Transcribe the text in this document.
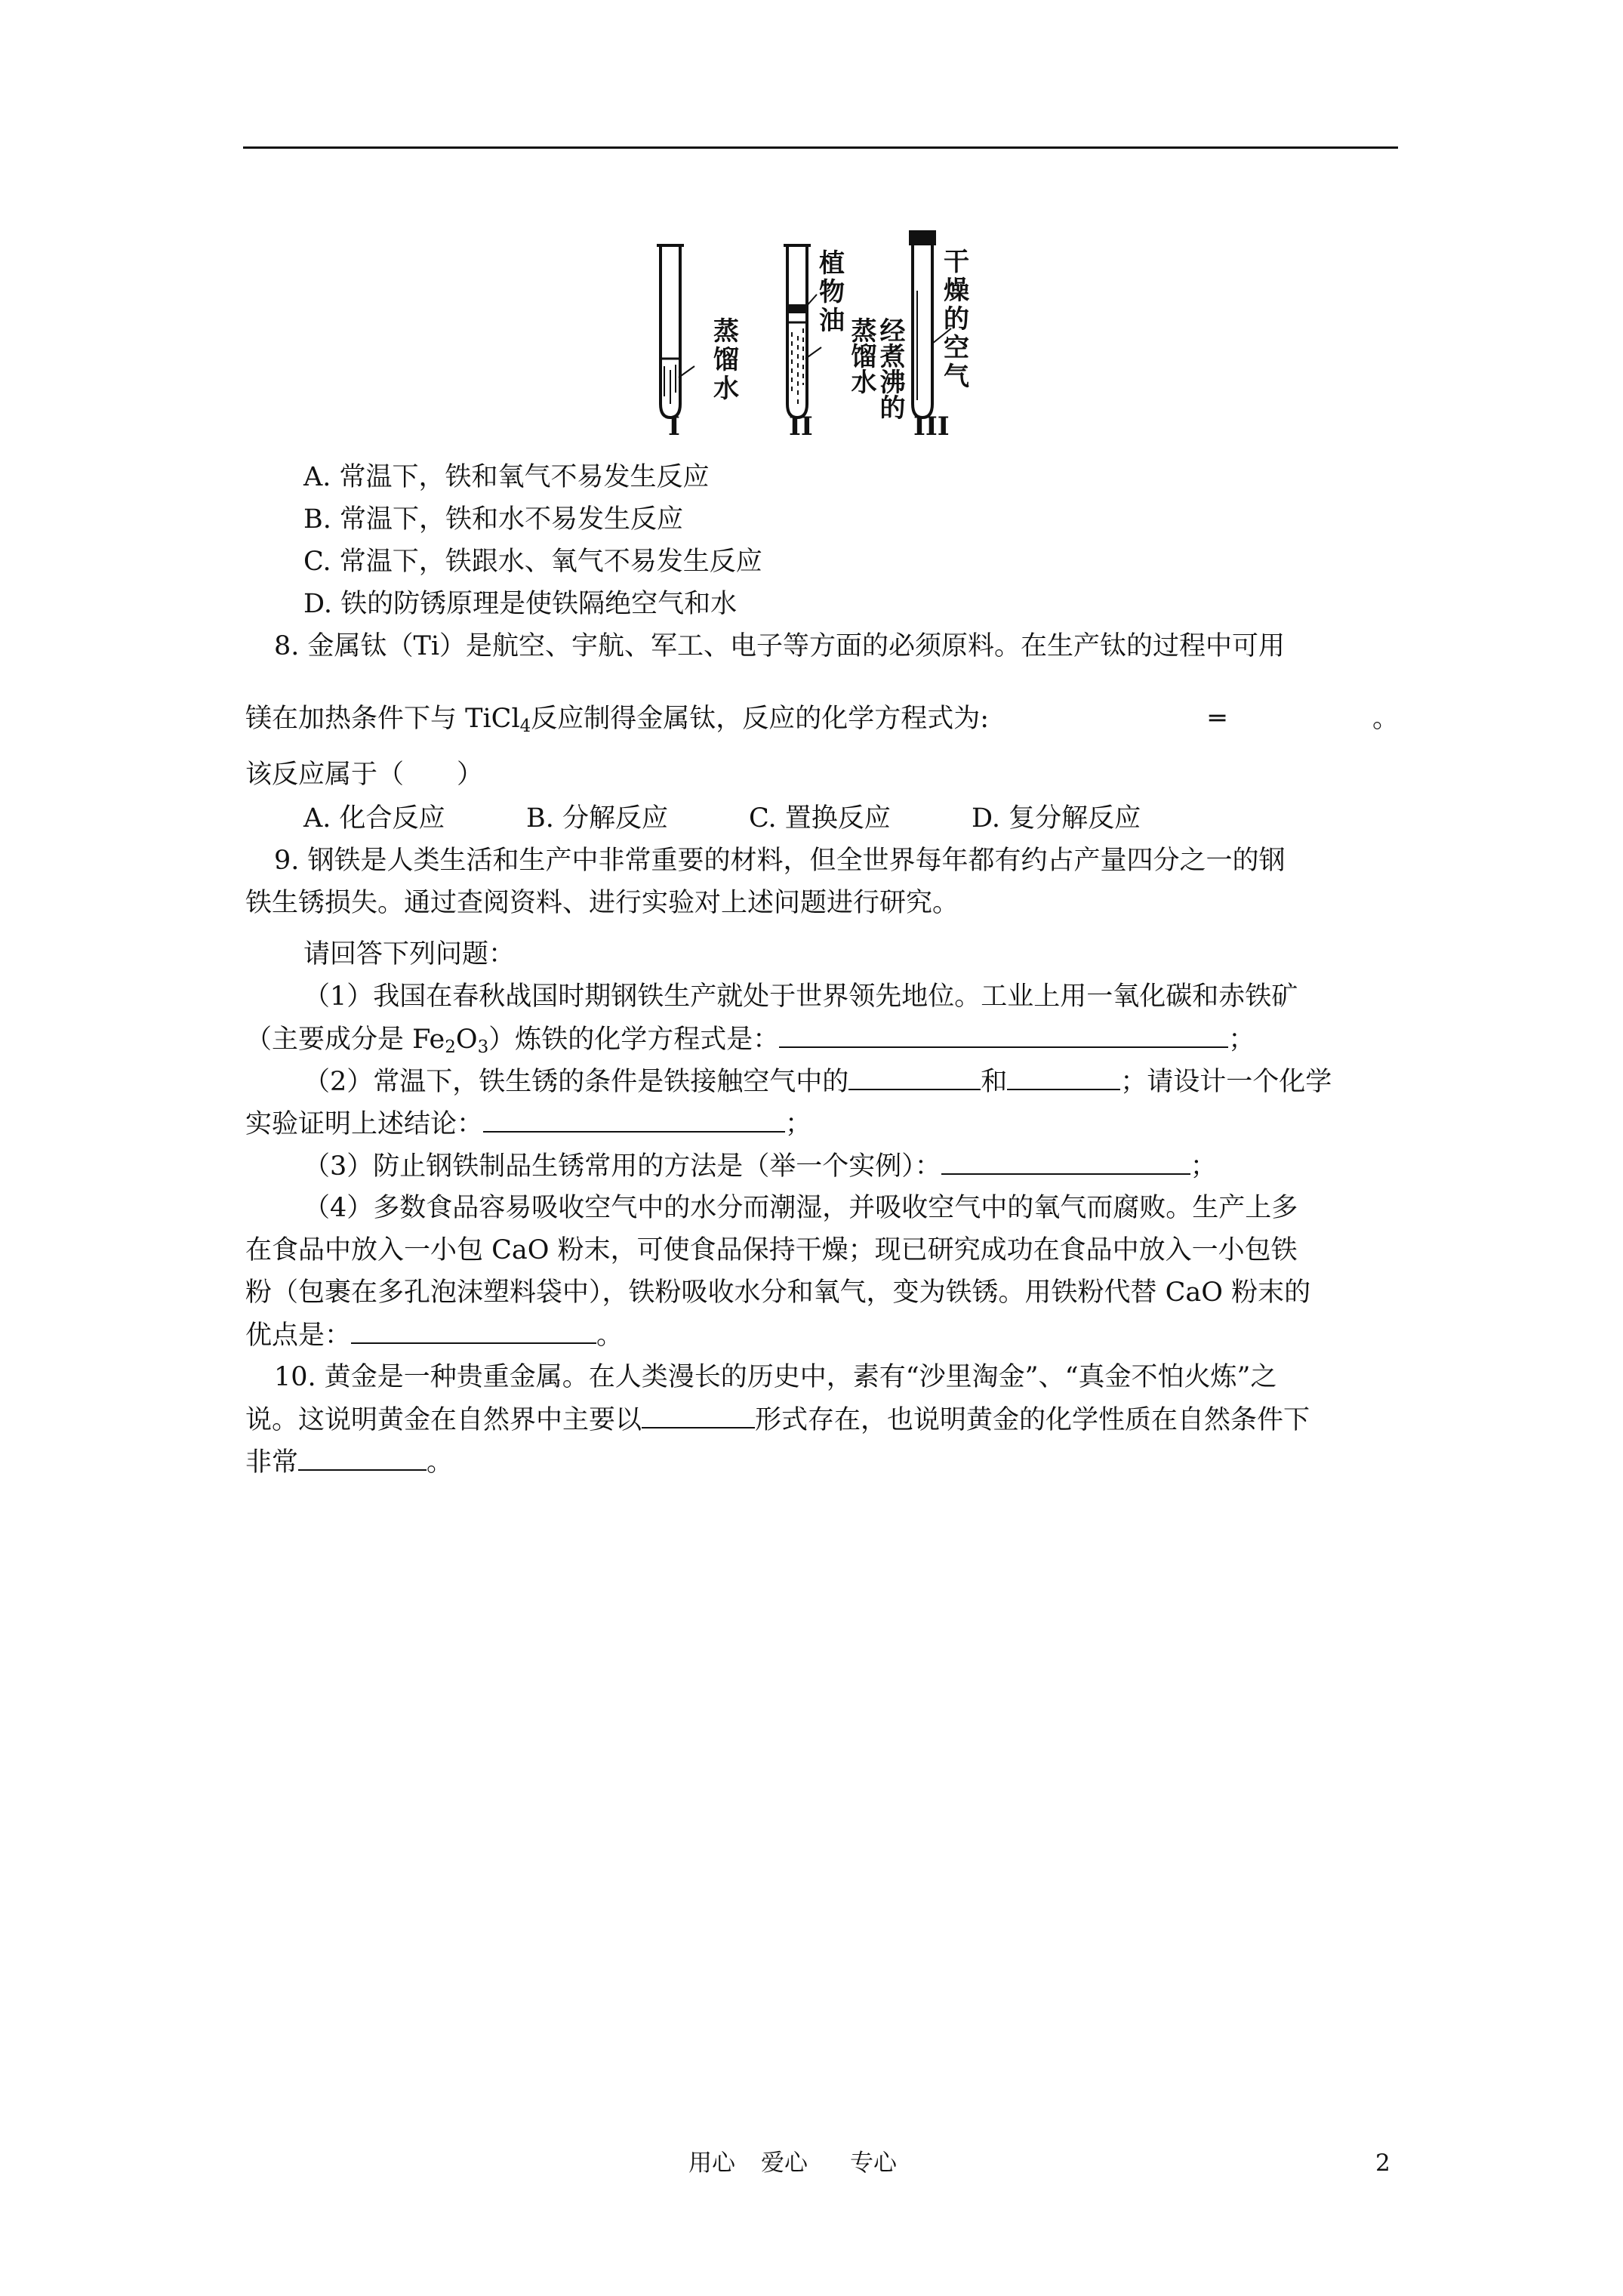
蒸馏水
植物油	经煮沸的蒸馏水
干燥的空气
I	II	III
A. 常温下，铁和氧气不易发生反应
B. 常温下，铁和水不易发生反应
C. 常温下，铁跟水、氧气不易发生反应
D. 铁的防锈原理是使铁隔绝空气和水
8. 金属钛（Ti）是航空、宇航、军工、电子等方面的必须原料。在生产钛的过程中可用
镁在加热条件下与 TiCl$_4$反应制得金属钛，反应的化学方程式为:	═	。
该反应属于（　　）
A. 化合反应	B. 分解反应	C. 置换反应	D. 复分解反应
9. 钢铁是人类生活和生产中非常重要的材料，但全世界每年都有约占产量四分之一的钢
铁生锈损失。通过查阅资料、进行实验对上述问题进行研究。
请回答下列问题：
（1）我国在春秋战国时期钢铁生产就处于世界领先地位。工业上用一氧化碳和赤铁矿
（主要成分是 $Fe_2O_3$）炼铁的化学方程式是：	；
（2）常温下，铁生锈的条件是铁接触空气中的	和	；请设计一个化学
实验证明上述结论：	；
（3）防止钢铁制品生锈常用的方法是（举一个实例）：	；
（4）多数食品容易吸收空气中的水分而潮湿，并吸收空气中的氧气而腐败。生产上多
在食品中放入一小包 CaO 粉末，可使食品保持干燥；现已研究成功在食品中放入一小包铁
粉（包裹在多孔泡沫塑料袋中），铁粉吸收水分和氧气，变为铁锈。用铁粉代替 CaO 粉末的
优点是：	。
10. 黄金是一种贵重金属。在人类漫长的历史中，素有“沙里淘金”、“真金不怕火炼”之
说。这说明黄金在自然界中主要以	形式存在，也说明黄金的化学性质在自然条件下
非常	。
用心 爱心 专心	2
